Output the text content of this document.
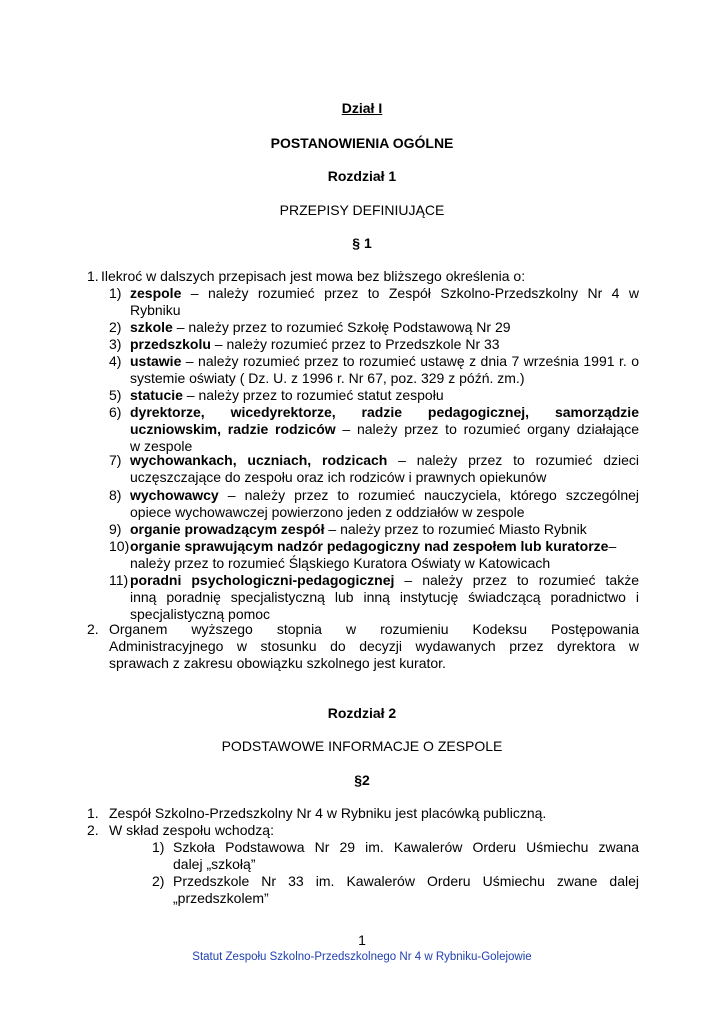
Dział I
POSTANOWIENIA OGÓLNE
Rozdział 1
PRZEPISY DEFINIUJĄCE
§ 1
1. Ilekroć w dalszych przepisach jest mowa bez bliższego określenia o:
1) zespole – należy rozumieć przez to Zespół Szkolno-Przedszkolny Nr 4 w
Rybniku
2) szkole – należy przez to rozumieć Szkołę Podstawową Nr 29
3) przedszkolu – należy rozumieć przez to Przedszkole Nr 33
4) ustawie – należy rozumieć przez to rozumieć ustawę z dnia 7 września 1991 r. o
systemie oświaty ( Dz. U. z 1996 r. Nr 67, poz. 329 z późń. zm.)
5) statucie – należy przez to rozumieć statut zespołu
6) dyrektorze, wicedyrektorze, radzie pedagogicznej, samorządzie
uczniowskim, radzie rodziców – należy przez to rozumieć organy działające
w zespole
7) wychowankach, uczniach, rodzicach – należy przez to rozumieć dzieci
uczęszczające do zespołu oraz ich rodziców i prawnych opiekunów
8) wychowawcy – należy przez to rozumieć nauczyciela, którego szczególnej
opiece wychowawczej powierzono jeden z oddziałów w zespole
9) organie prowadzącym zespół – należy przez to rozumieć Miasto Rybnik
10) organie sprawującym nadzór pedagogiczny nad zespołem lub kuratorze–
należy przez to rozumieć Śląskiego Kuratora Oświaty w Katowicach
11) poradni psychologiczni-pedagogicznej – należy przez to rozumieć także
inną poradnię specjalistyczną lub inną instytucję świadczącą poradnictwo i
specjalistyczną pomoc
2. Organem wyższego stopnia w rozumieniu Kodeksu Postępowania
Administracyjnego w stosunku do decyzji wydawanych przez dyrektora w
sprawach z zakresu obowiązku szkolnego jest kurator.
Rozdział 2
PODSTAWOWE INFORMACJE O ZESPOLE
§2
1. Zespół Szkolno-Przedszkolny Nr 4 w Rybniku jest placówką publiczną.
2. W skład zespołu wchodzą:
1) Szkoła Podstawowa Nr 29 im. Kawalerów Orderu Uśmiechu zwana
dalej „szkołą”
2) Przedszkole Nr 33 im. Kawalerów Orderu Uśmiechu zwane dalej
„przedszkolem”
1
Statut Zespołu Szkolno-Przedszkolnego Nr 4 w Rybniku-Golejowie
